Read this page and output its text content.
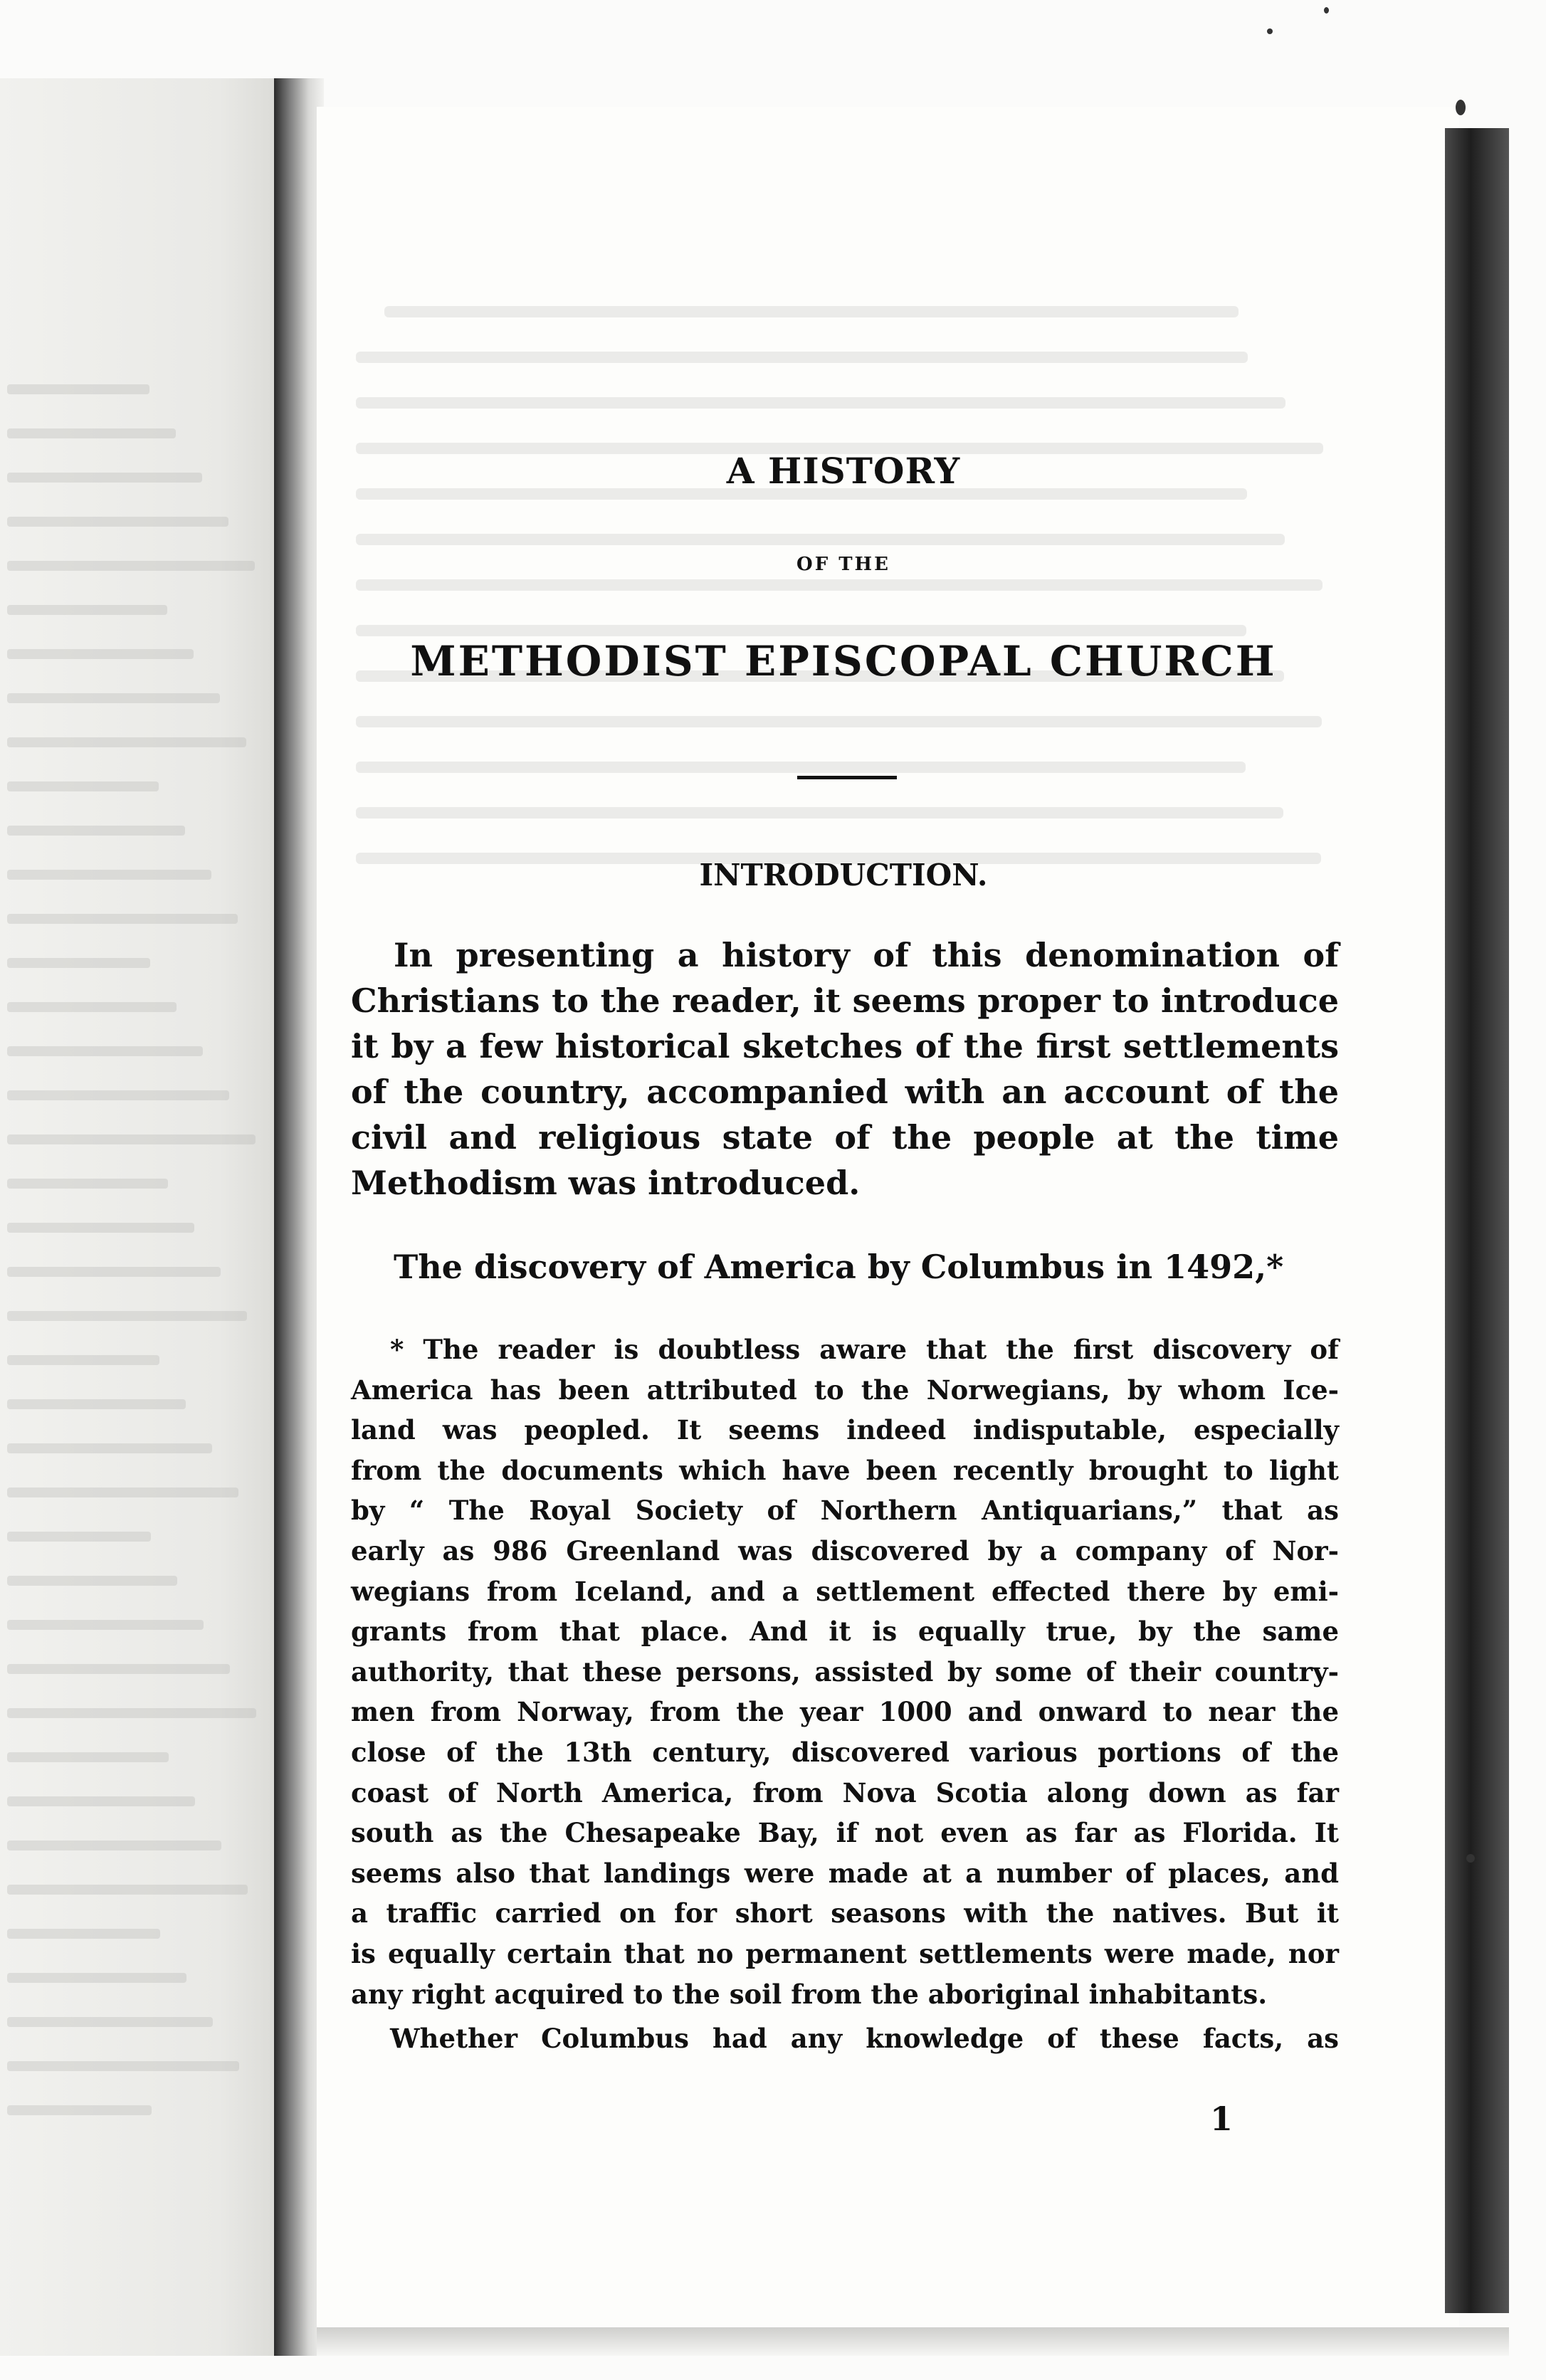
A HISTORY
OF THE
METHODIST EPISCOPAL CHURCH
INTRODUCTION.
In presenting a history of this denomination of
Christians to the reader, it seems proper to introduce
it by a few historical sketches of the first settlements
of the country, accompanied with an account of the
civil and religious state of the people at the time
Methodism was introduced.
The discovery of America by Columbus in 1492,*
* The reader is doubtless aware that the first discovery of
America has been attributed to the Norwegians, by whom Ice-
land was peopled. It seems indeed indisputable, especially
from the documents which have been recently brought to light
by “ The Royal Society of Northern Antiquarians,” that as
early as 986 Greenland was discovered by a company of Nor-
wegians from Iceland, and a settlement effected there by emi-
grants from that place. And it is equally true, by the same
authority, that these persons, assisted by some of their country-
men from Norway, from the year 1000 and onward to near the
close of the 13th century, discovered various portions of the
coast of North America, from Nova Scotia along down as far
south as the Chesapeake Bay, if not even as far as Florida. It
seems also that landings were made at a number of places, and
a traffic carried on for short seasons with the natives. But it
is equally certain that no permanent settlements were made, nor
any right acquired to the soil from the aboriginal inhabitants.
Whether Columbus had any knowledge of these facts, as
1
